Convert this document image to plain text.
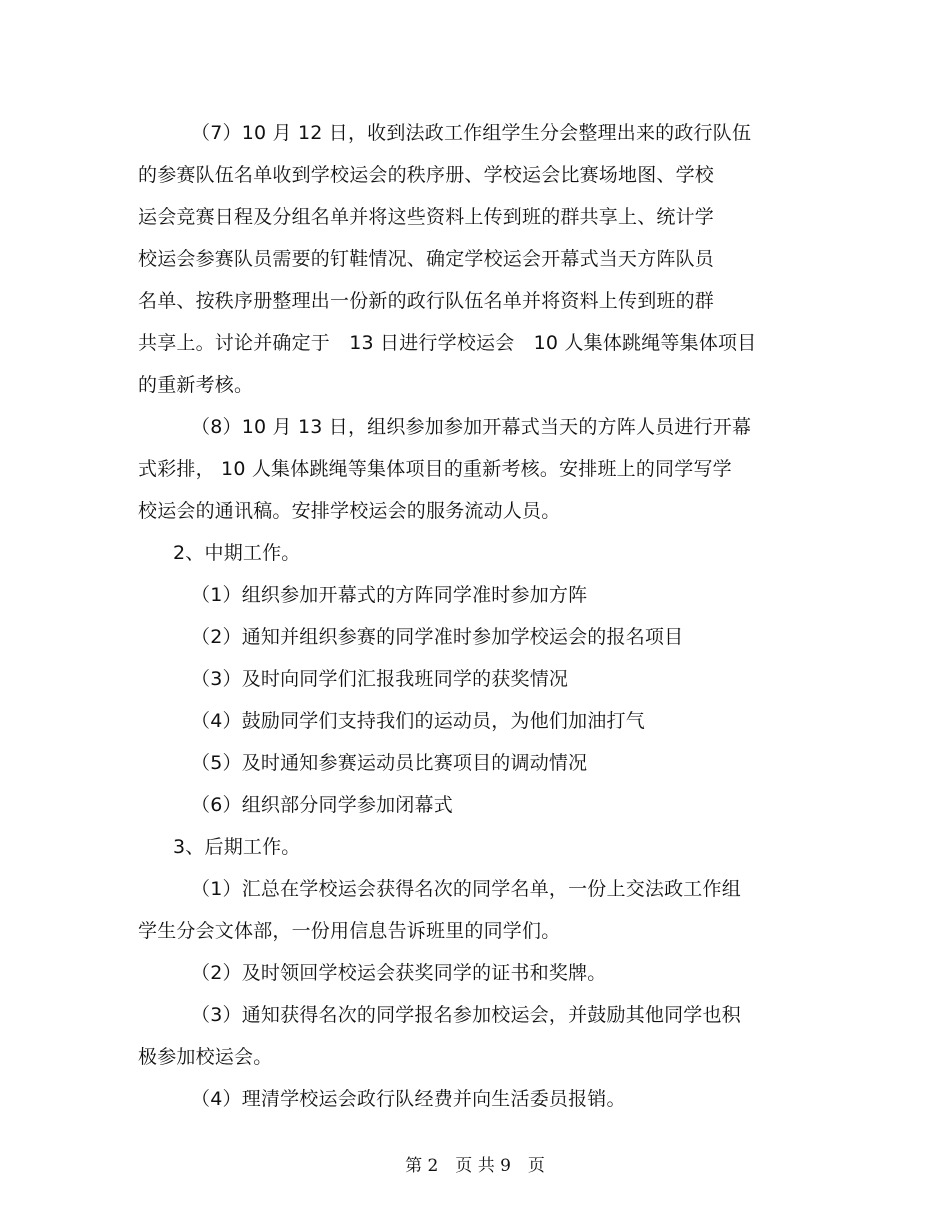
（7）10 月 12 日，收到法政工作组学生分会整理出来的政行队伍
的参赛队伍名单收到学校运会的秩序册、学校运会比赛场地图、学校
运会竞赛日程及分组名单并将这些资料上传到班的群共享上、统计学
校运会参赛队员需要的钉鞋情况、确定学校运会开幕式当天方阵队员
名单、按秩序册整理出一份新的政行队伍名单并将资料上传到班的群
共享上。讨论并确定于　13 日进行学校运会　10 人集体跳绳等集体项目
的重新考核。
（8）10 月 13 日，组织参加参加开幕式当天的方阵人员进行开幕
式彩排， 10 人集体跳绳等集体项目的重新考核。安排班上的同学写学
校运会的通讯稿。安排学校运会的服务流动人员。
2、中期工作。
（1）组织参加开幕式的方阵同学准时参加方阵
（2）通知并组织参赛的同学准时参加学校运会的报名项目
（3）及时向同学们汇报我班同学的获奖情况
（4）鼓励同学们支持我们的运动员，为他们加油打气
（5）及时通知参赛运动员比赛项目的调动情况
（6）组织部分同学参加闭幕式
3、后期工作。
（1）汇总在学校运会获得名次的同学名单，一份上交法政工作组
学生分会文体部，一份用信息告诉班里的同学们。
（2）及时领回学校运会获奖同学的证书和奖牌。
（3）通知获得名次的同学报名参加校运会，并鼓励其他同学也积
极参加校运会。
（4）理清学校运会政行队经费并向生活委员报销。
第 2　页 共 9　页
